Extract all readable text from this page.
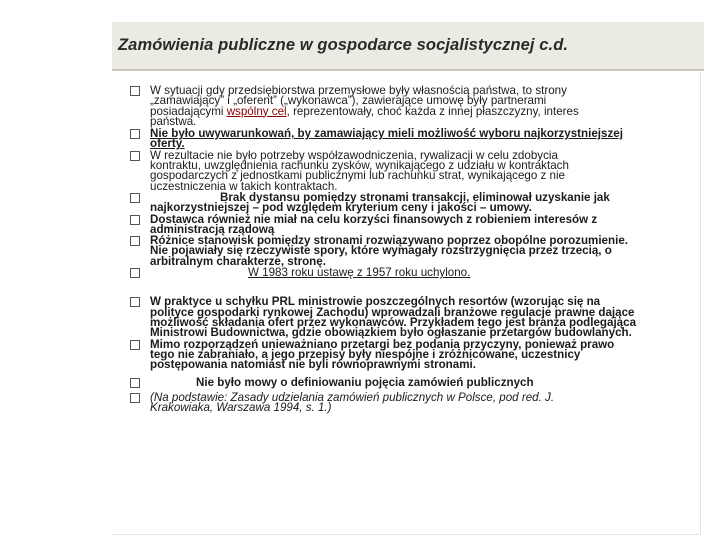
Zamówienia publiczne w gospodarce socjalistycznej c.d.
W sytuacji gdy przedsiębiorstwa przemysłowe były własnością państwa, to strony
„zamawiający” i „oferent” („wykonawca”), zawierające umowę były partnerami
posiadającymi wspólny cel, reprezentowały, choć każda z innej płaszczyzny, interes
państwa.
Nie było uwywarunkowań, by zamawiający mieli możliwość wyboru najkorzystniejszej
oferty.
W rezultacie nie było potrzeby współzawodniczenia, rywalizacji w celu zdobycia
kontraktu, uwzględnienia rachunku zysków, wynikającego z udziału w kontraktach
gospodarczych z jednostkami publicznymi lub rachunku strat, wynikającego z nie
uczestniczenia w takich kontraktach.
Brak dystansu pomiędzy stronami transakcji, eliminował uzyskanie jak
najkorzystniejszej – pod względem kryterium ceny i jakości – umowy.
Dostawca również nie miał na celu korzyści finansowych z robieniem interesów z
administracją rządową
Różnice stanowisk pomiędzy stronami rozwiązywano poprzez obopólne porozumienie.
Nie pojawiały się rzeczywiste spory, które wymagały rozstrzygnięcia przez trzecią, o
arbitralnym charakterze, stronę.
W 1983 roku ustawę z 1957 roku uchylono.
W praktyce u schyłku PRL ministrowie poszczególnych resortów (wzorując się na
polityce gospodarki rynkowej Zachodu) wprowadzali branżowe regulacje prawne dające
możliwość składania ofert przez wykonawców. Przykładem tego jest branża podlegająca
Ministrowi Budownictwa, gdzie obowiązkiem było ogłaszanie przetargów budowlanych.
Mimo rozporządzeń unieważniano przetargi bez podania przyczyny, ponieważ prawo
tego nie zabraniało, a jego przepisy były niespójne i zróżnicowane, uczestnicy
postępowania natomiast nie byli równoprawnymi stronami.
Nie było mowy o definiowaniu pojęcia zamówień publicznych
(Na podstawie: Zasady udzielania zamówień publicznych w Polsce, pod red. J.
Krakowiaka, Warszawa 1994, s. 1.)
